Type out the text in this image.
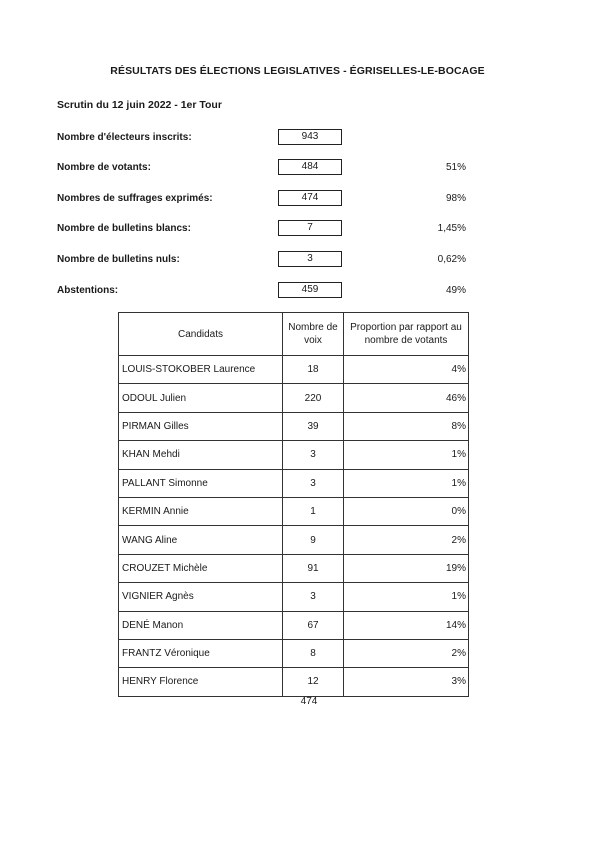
RÉSULTATS DES ÉLECTIONS LEGISLATIVES - ÉGRISELLES-LE-BOCAGE
Scrutin du 12 juin 2022 - 1er Tour
Nombre d'électeurs inscrits:	943
Nombre de votants:	484	51%
Nombres de suffrages exprimés:	474	98%
Nombre de bulletins blancs:	7	1,45%
Nombre de bulletins nuls:	3	0,62%
Abstentions:	459	49%
Candidats	Nombre de voix	Proportion par rapport au nombre de votants
LOUIS-STOKOBER Laurence	18	4%
ODOUL Julien	220	46%
PIRMAN Gilles	39	8%
KHAN Mehdi	3	1%
PALLANT Simonne	3	1%
KERMIN Annie	1	0%
WANG Aline	9	2%
CROUZET Michèle	91	19%
VIGNIER Agnès	3	1%
DENÉ Manon	67	14%
FRANTZ Véronique	8	2%
HENRY Florence	12	3%
474
